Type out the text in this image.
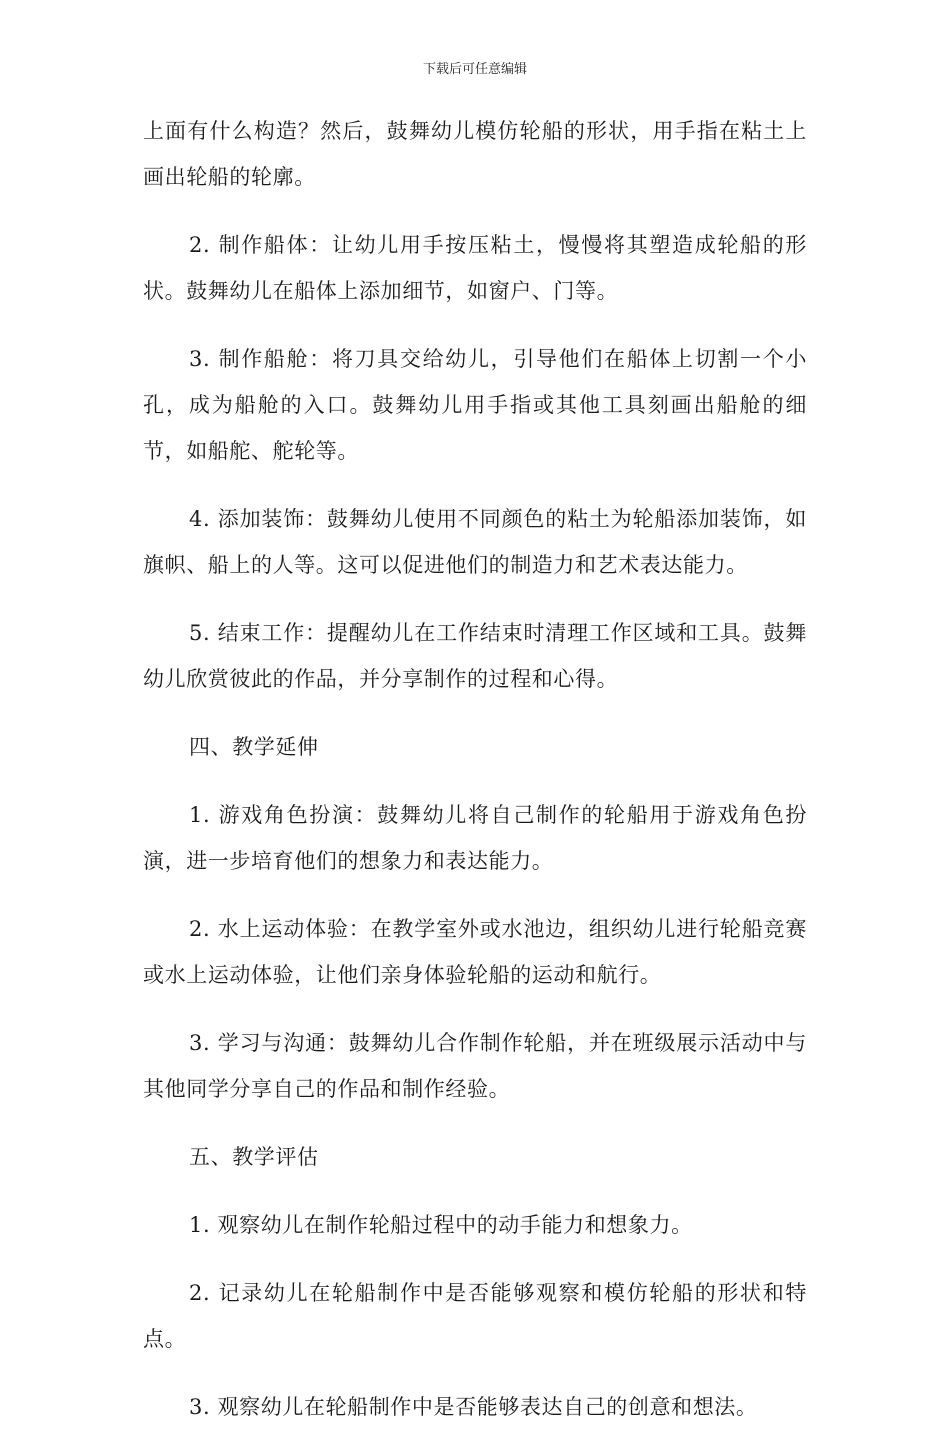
下载后可任意编辑

上面有什么构造？然后，鼓舞幼儿模仿轮船的形状，用手指在粘土上画出轮船的轮廓。

2. 制作船体：让幼儿用手按压粘土，慢慢将其塑造成轮船的形状。鼓舞幼儿在船体上添加细节，如窗户、门等。

3. 制作船舱：将刀具交给幼儿，引导他们在船体上切割一个小孔，成为船舱的入口。鼓舞幼儿用手指或其他工具刻画出船舱的细节，如船舵、舵轮等。

4. 添加装饰：鼓舞幼儿使用不同颜色的粘土为轮船添加装饰，如旗帜、船上的人等。这可以促进他们的制造力和艺术表达能力。

5. 结束工作：提醒幼儿在工作结束时清理工作区域和工具。鼓舞幼儿欣赏彼此的作品，并分享制作的过程和心得。

四、教学延伸

1. 游戏角色扮演：鼓舞幼儿将自己制作的轮船用于游戏角色扮演，进一步培育他们的想象力和表达能力。

2. 水上运动体验：在教学室外或水池边，组织幼儿进行轮船竞赛或水上运动体验，让他们亲身体验轮船的运动和航行。

3. 学习与沟通：鼓舞幼儿合作制作轮船，并在班级展示活动中与其他同学分享自己的作品和制作经验。

五、教学评估

1. 观察幼儿在制作轮船过程中的动手能力和想象力。

2. 记录幼儿在轮船制作中是否能够观察和模仿轮船的形状和特点。

3. 观察幼儿在轮船制作中是否能够表达自己的创意和想法。
